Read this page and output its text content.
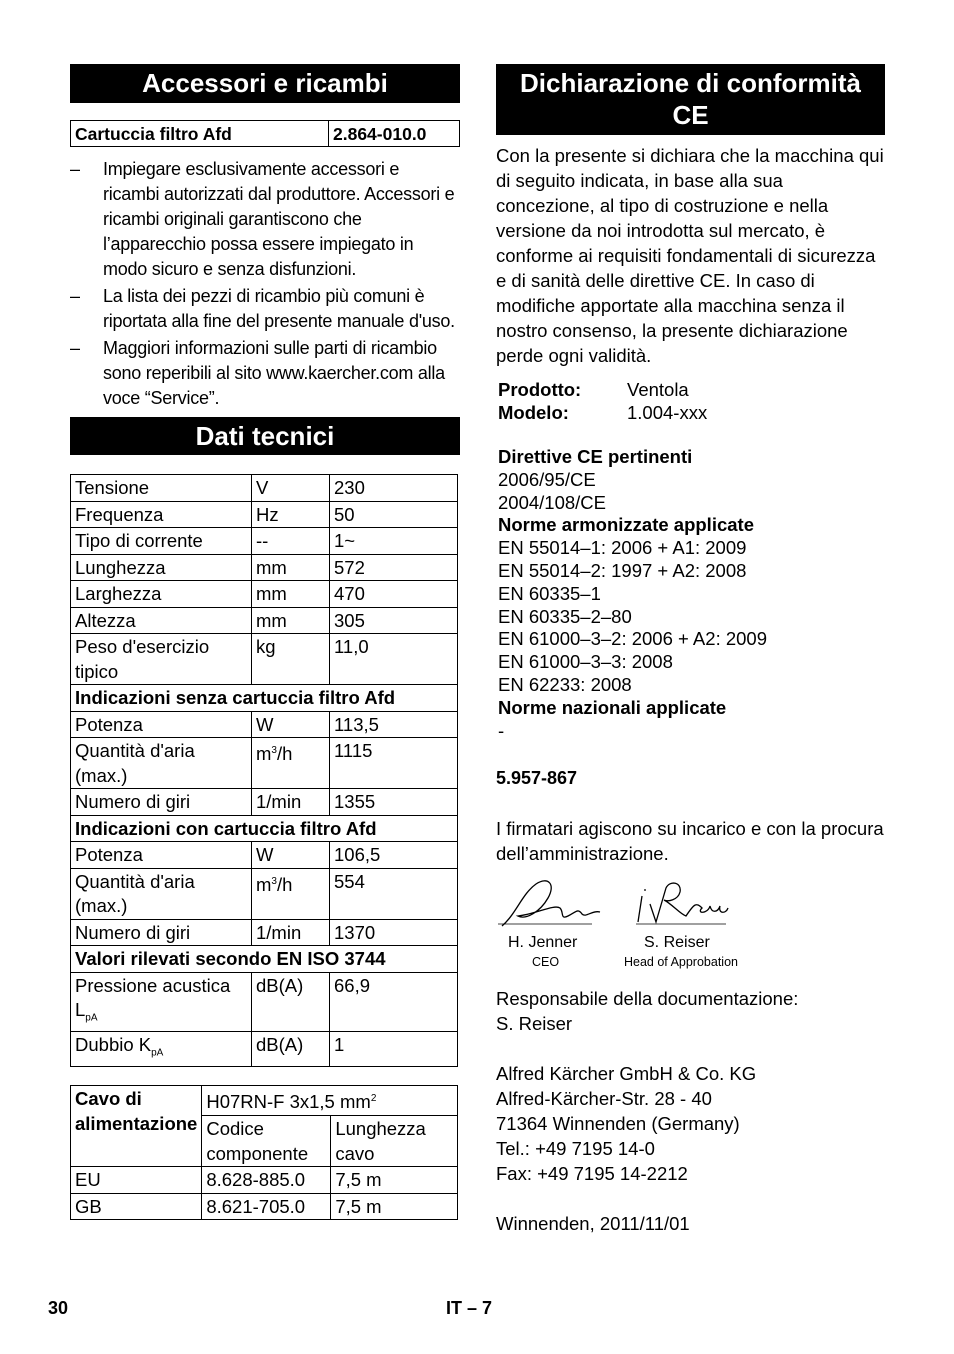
Accessori e ricambi
Cartuccia filtro Afd	2.864-010.0
– Impiegare esclusivamente accessori e ricambi autorizzati dal produttore. Accessori e ricambi originali garantiscono che l’apparecchio possa essere impiegato in modo sicuro e senza disfunzioni.
– La lista dei pezzi di ricambio più comuni è riportata alla fine del presente manuale d'uso.
– Maggiori informazioni sulle parti di ricambio sono reperibili al sito www.kaercher.com alla voce “Service”.
Dati tecnici
Tensione	V	230
Frequenza	Hz	50
Tipo di corrente	--	1~
Lunghezza	mm	572
Larghezza	mm	470
Altezza	mm	305
Peso d'esercizio tipico	kg	11,0
Indicazioni senza cartuccia filtro Afd		
Potenza	W	113,5
Quantità d'aria (max.)	$m^3/h$	1115
Numero di giri	1/min	1355
Indicazioni con cartuccia filtro Afd		
Potenza	W	106,5
Quantità d'aria (max.)	$m^3/h$	554
Numero di giri	1/min	1370
Valori rilevati secondo EN ISO 3744		
Pressione acustica $L_{pA}$	dB(A)	66,9
Dubbio $K_{pA}$	dB(A)	1
Cavo di alimentazione	H07RN-F 3x1,5 $mm^2$
	Codice componente	Lunghezza cavo
EU	8.628-885.0	7,5 m
GB	8.621-705.0	7,5 m
Dichiarazione di conformità CE

Con la presente si dichiara che la macchina qui di seguito indicata, in base alla sua concezione, al tipo di costruzione e nella versione da noi introdotta sul mercato, è conforme ai requisiti fondamentali di sicurezza e di sanità delle direttive CE. In caso di modifiche apportate alla macchina senza il nostro consenso, la presente dichiarazione perde ogni validità.

Prodotto: Ventola
Modelo:	1.004-xxx
Direttive CE pertinenti
2006/95/CE
2004/108/CE
Norme armonizzate applicate
EN 55014–1: 2006 + A1: 2009
EN 55014–2: 1997 + A2: 2008
EN 60335–1
EN 60335–2–80
EN 61000–3–2: 2006 + A2: 2009
EN 61000–3–3: 2008
EN 62233: 2008
Norme nazionali applicate
-
5.957-867

I firmatari agiscono su incarico e con la procura dell’amministrazione.

H. Jenner
CEO
S. Reiser
Head of Approbation
Responsabile della documentazione:
S. Reiser
Alfred Kärcher GmbH & Co. KG
Alfred-Kärcher-Str. 28 - 40
71364 Winnenden (Germany)
Tel.: +49 7195 14-0
Fax: +49 7195 14-2212
Winnenden, 2011/11/01
30	IT – 7
